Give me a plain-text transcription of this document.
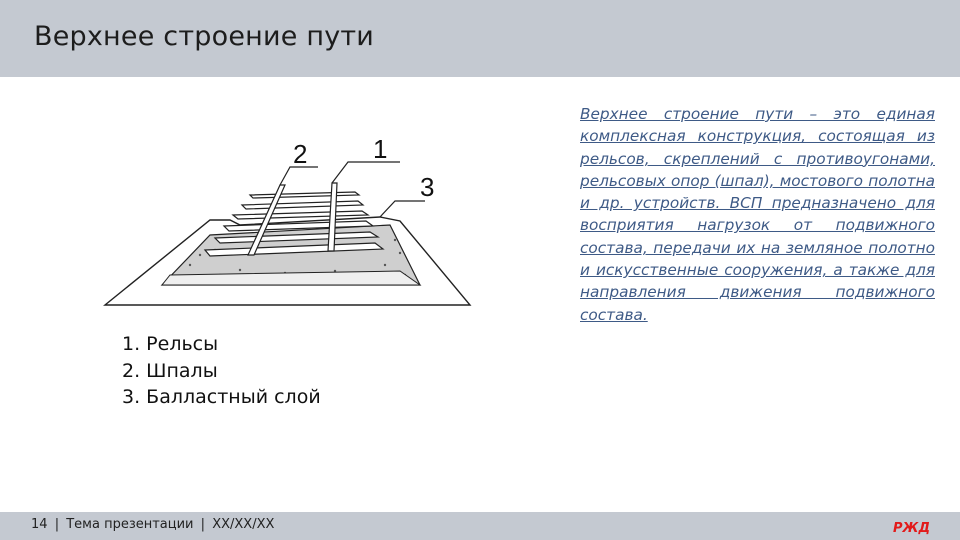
Верхнее строение пути
2	1
3
1. Рельсы
2. Шпалы
3. Балластный слой
Верхнее строение пути – это единая комплексная конструкция, состоящая из рельсов, скреплений с противоугонами, рельсовых опор (шпал), мостового полотна и др. устройств. ВСП предназначено для восприятия нагрузок от подвижного состава, передачи их на земляное полотно и искусственные сооружения, а также для направления движения подвижного состава.
14 | Тема презентации | XX/XX/XX	РЖД
